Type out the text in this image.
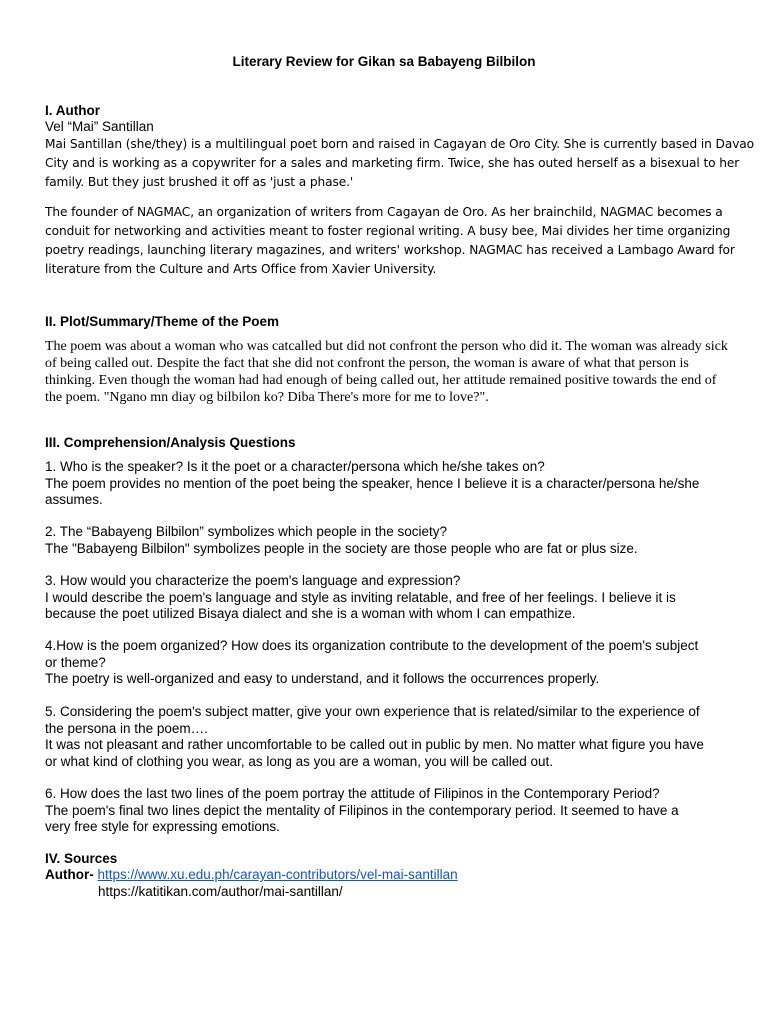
Literary Review for Gikan sa Babayeng Bilbilon
I. Author
Vel “Mai” Santillan
Mai Santillan (she/they) is a multilingual poet born and raised in Cagayan de Oro City. She is currently based in Davao
City and is working as a copywriter for a sales and marketing firm. Twice, she has outed herself as a bisexual to her
family. But they just brushed it off as 'just a phase.'
The founder of NAGMAC, an organization of writers from Cagayan de Oro. As her brainchild, NAGMAC becomes a
conduit for networking and activities meant to foster regional writing. A busy bee, Mai divides her time organizing
poetry readings, launching literary magazines, and writers' workshop. NAGMAC has received a Lambago Award for
literature from the Culture and Arts Office from Xavier University.
II. Plot/Summary/Theme of the Poem
The poem was about a woman who was catcalled but did not confront the person who did it. The woman was already sick
of being called out. Despite the fact that she did not confront the person, the woman is aware of what that person is
thinking. Even though the woman had had enough of being called out, her attitude remained positive towards the end of
the poem. "Ngano mn diay og bilbilon ko? Diba There's more for me to love?".
III. Comprehension/Analysis Questions
1. Who is the speaker? Is it the poet or a character/persona which he/she takes on?
The poem provides no mention of the poet being the speaker, hence I believe it is a character/persona he/she
assumes.
2. The “Babayeng Bilbilon” symbolizes which people in the society?
The "Babayeng Bilbilon" symbolizes people in the society are those people who are fat or plus size.
3. How would you characterize the poem's language and expression?
I would describe the poem's language and style as inviting relatable, and free of her feelings. I believe it is
because the poet utilized Bisaya dialect and she is a woman with whom I can empathize.
4.How is the poem organized? How does its organization contribute to the development of the poem's subject
or theme?
The poetry is well-organized and easy to understand, and it follows the occurrences properly.
5. Considering the poem's subject matter, give your own experience that is related/similar to the experience of
the persona in the poem….
It was not pleasant and rather uncomfortable to be called out in public by men. No matter what figure you have
or what kind of clothing you wear, as long as you are a woman, you will be called out.
6. How does the last two lines of the poem portray the attitude of Filipinos in the Contemporary Period?
The poem's final two lines depict the mentality of Filipinos in the contemporary period. It seemed to have a
very free style for expressing emotions.
IV. Sources
Author- https://www.xu.edu.ph/carayan-contributors/vel-mai-santillan
https://katitikan.com/author/mai-santillan/
